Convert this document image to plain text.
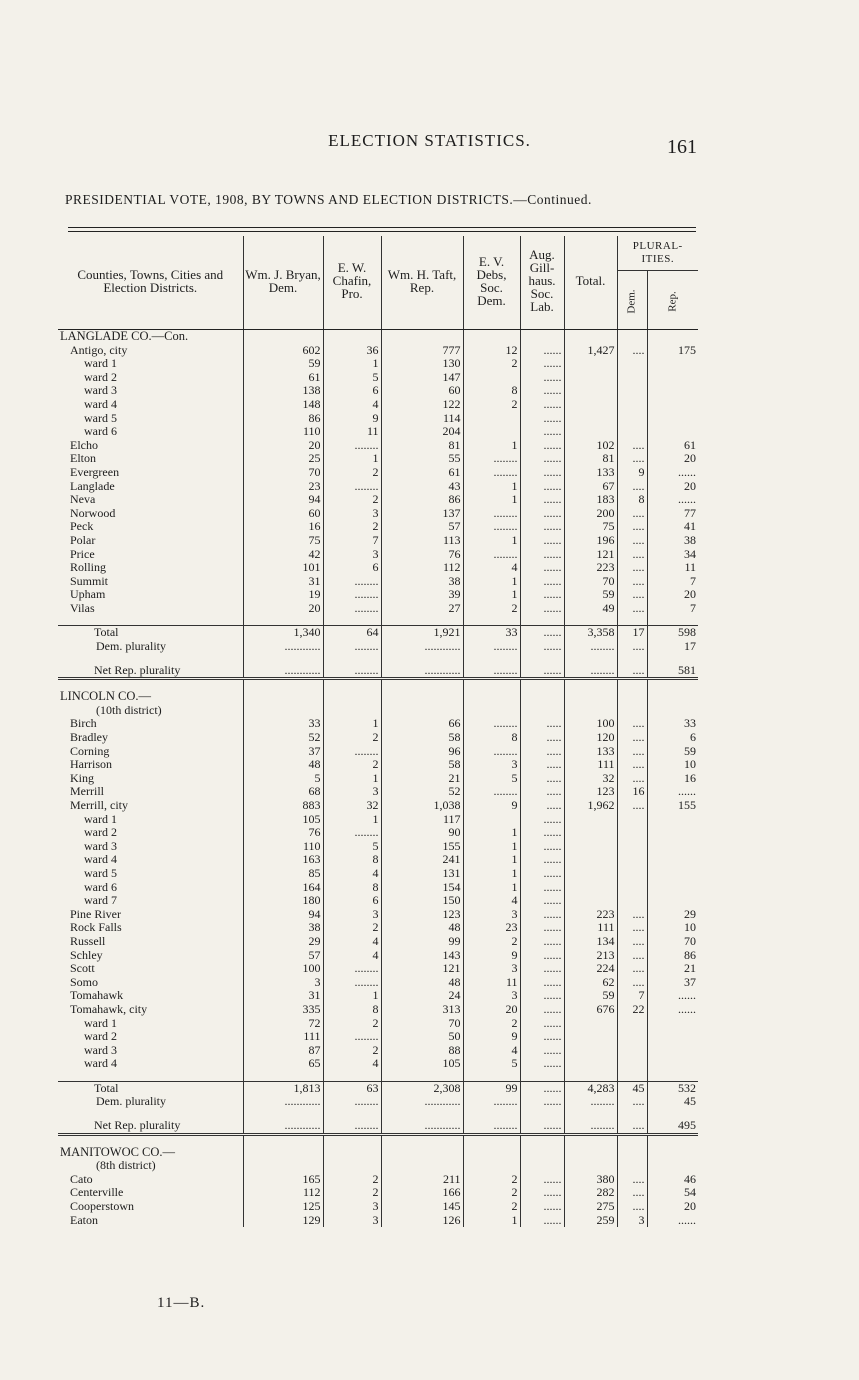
ELECTION STATISTICS.	161
PRESIDENTIAL VOTE, 1908, BY TOWNS AND ELECTION DISTRICTS.—Continued.
Counties, Towns, Cities and Election Districts.	Wm. J. Bryan, Dem.	E. W. Chafin, Pro.	Wm. H. Taft, Rep.	E. V. Debs, Soc. Dem.	Aug. Gill-haus. Soc. Lab.	Total.	PLURAL-ITIES.	
							Dem.	Rep.
LANGLADE CO.—Con.								
Antigo, city	602	36	777	12	......	1,427	....	175
ward 1	59	1	130	2	......			
ward 2	61	5	147		......			
ward 3	138	6	60	8	......			
ward 4	148	4	122	2	......			
ward 5	86	9	114		......			
ward 6	110	11	204		......			
Elcho	20	........	81	1	......	102	....	61
Elton	25	1	55	........	......	81	....	20
Evergreen	70	2	61	........	......	133	9	......
Langlade	23	........	43	1	......	67	....	20
Neva	94	2	86	1	......	183	8	......
Norwood	60	3	137	........	......	200	....	77
Peck	16	2	57	........	......	75	....	41
Polar	75	7	113	1	......	196	....	38
Price	42	3	76	........	......	121	....	34
Rolling	101	6	112	4	......	223	....	11
Summit	31	........	38	1	......	70	....	7
Upham	19	........	39	1	......	59	....	20
Vilas	20	........	27	2	......	49	....	7

Total	1,340	64	1,921	33	......	3,358	17	598
Dem. plurality	............	........	............	........	......	........	....	17

Net Rep. plurality	............	........	............	........	......	........	....	581

LINCOLN CO.—								
(10th district)								
Birch	33	1	66	........	.....	100	....	33
Bradley	52	2	58	8	.....	120	....	6
Corning	37	........	96	........	.....	133	....	59
Harrison	48	2	58	3	.....	111	....	10
King	5	1	21	5	.....	32	....	16
Merrill	68	3	52	........	.....	123	16	......
Merrill, city	883	32	1,038	9	.....	1,962	....	155
ward 1	105	1	117		......			
ward 2	76	........	90	1	......			
ward 3	110	5	155	1	......			
ward 4	163	8	241	1	......			
ward 5	85	4	131	1	......			
ward 6	164	8	154	1	......			
ward 7	180	6	150	4	......			
Pine River	94	3	123	3	......	223	....	29
Rock Falls	38	2	48	23	......	111	....	10
Russell	29	4	99	2	......	134	....	70
Schley	57	4	143	9	......	213	....	86
Scott	100	........	121	3	......	224	....	21
Somo	3	........	48	11	......	62	....	37
Tomahawk	31	1	24	3	......	59	7	......
Tomahawk, city	335	8	313	20	......	676	22	......
ward 1	72	2	70	2	......			
ward 2	111	........	50	9	......			
ward 3	87	2	88	4	......			
ward 4	65	4	105	5	......			

Total	1,813	63	2,308	99	......	4,283	45	532
Dem. plurality	............	........	............	........	......	........	....	45

Net Rep. plurality	............	........	............	........	......	........	....	495

MANITOWOC CO.—								
(8th district)								
Cato	165	2	211	2	......	380	....	46
Centerville	112	2	166	2	......	282	....	54
Cooperstown	125	3	145	2	......	275	....	20
Eaton	129	3	126	1	......	259	3	......
11—B.
